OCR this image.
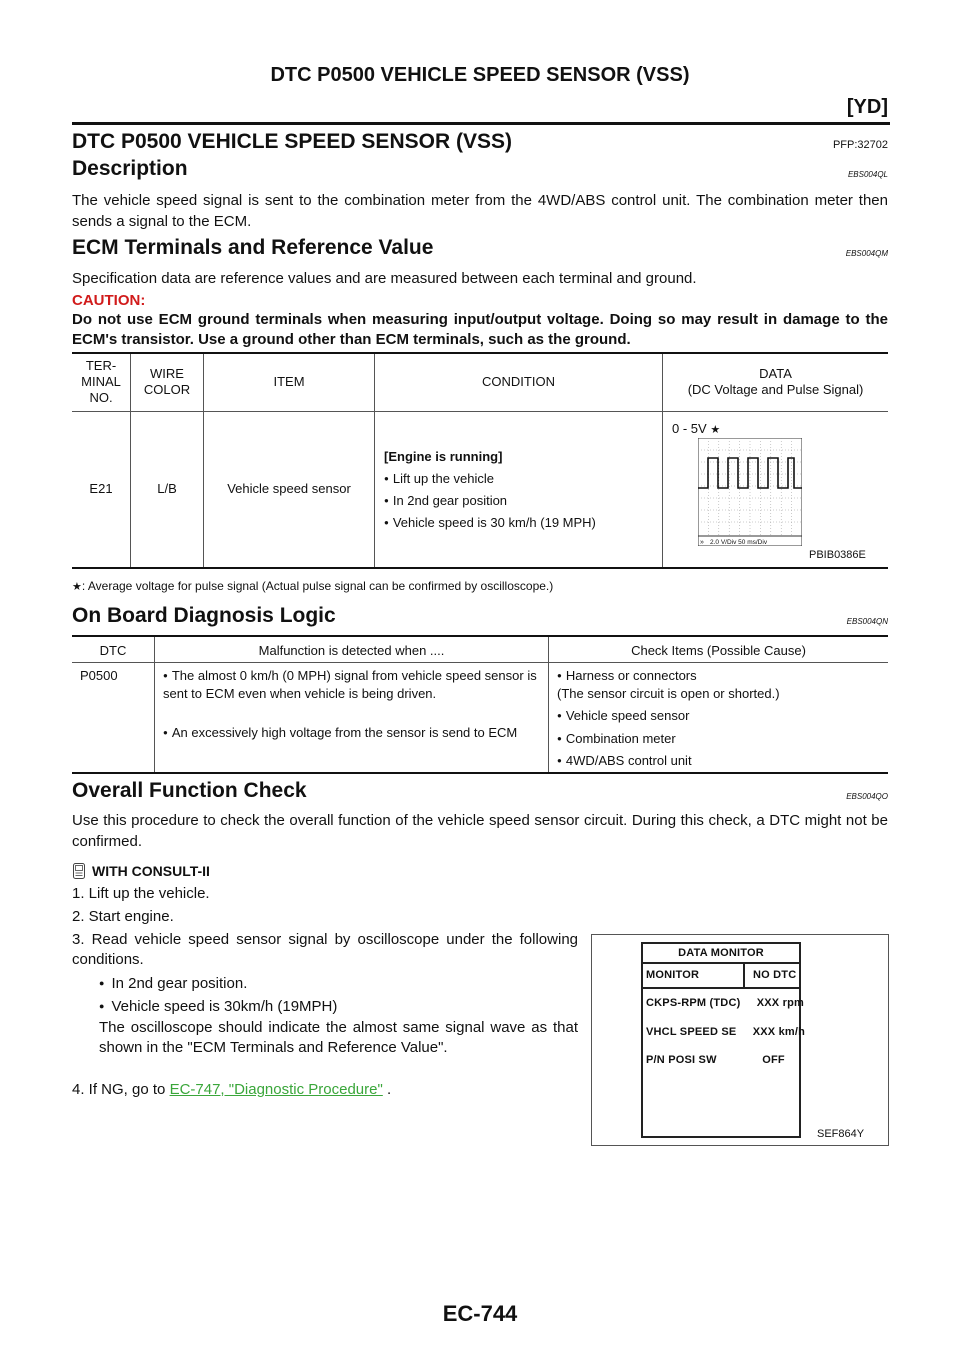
DTC P0500 VEHICLE SPEED SENSOR (VSS)
[YD]
DTC P0500 VEHICLE SPEED SENSOR (VSS)	PFP:32702
Description	EBS004QL
The vehicle speed signal is sent to the combination meter from the 4WD/ABS control unit. The combination meter then sends a signal to the ECM.
ECM Terminals and Reference Value	EBS004QM
Specification data are reference values and are measured between each terminal and ground.
CAUTION:
Do not use ECM ground terminals when measuring input/output voltage. Doing so may result in damage to the ECM's transistor. Use a ground other than ECM terminals, such as the ground.
TER-
MINAL
NO.
WIRE
COLOR
ITEM	CONDITION
DATA
(DC Voltage and Pulse Signal)
E21	L/B	Vehicle speed sensor
[Engine is running]
● Lift up the vehicle
● In 2nd gear position
● Vehicle speed is 30 km/h (19 MPH)
0 - 5V ★
» 2.0 V/Div 50 ms/Div
PBIB0386E
★: Average voltage for pulse signal (Actual pulse signal can be confirmed by oscilloscope.)
On Board Diagnosis Logic	EBS004QN
DTC	Malfunction is detected when ....	Check Items (Possible Cause)
P0500
●	The almost 0 km/h (0 MPH) signal from vehicle speed sensor is sent to ECM even when vehicle is being driven.
● An excessively high voltage from the sensor is send to ECM
● Harness or connectors
(The sensor circuit is open or shorted.)
● Vehicle speed sensor
● Combination meter
● 4WD/ABS control unit
Overall Function Check	EBS004QO
Use this procedure to check the overall function of the vehicle speed sensor circuit. During this check, a DTC might not be confirmed.
WITH CONSULT-II
1. Lift up the vehicle.
2. Start engine.
3. Read vehicle speed sensor signal by oscilloscope under the following conditions.
● In 2nd gear position.
● Vehicle speed is 30km/h (19MPH)
The oscilloscope should indicate the almost same signal wave as that shown in the "ECM Terminals and Reference Value".
4. If NG, go to EC-747, "Diagnostic Procedure" .
DATA MONITOR
MONITOR	NO DTC
CKPS-RPM (TDC)     XXX rpm
VHCL SPEED SE     XXX km/h
P/N POSI SW              OFF
SEF864Y
EC-744
